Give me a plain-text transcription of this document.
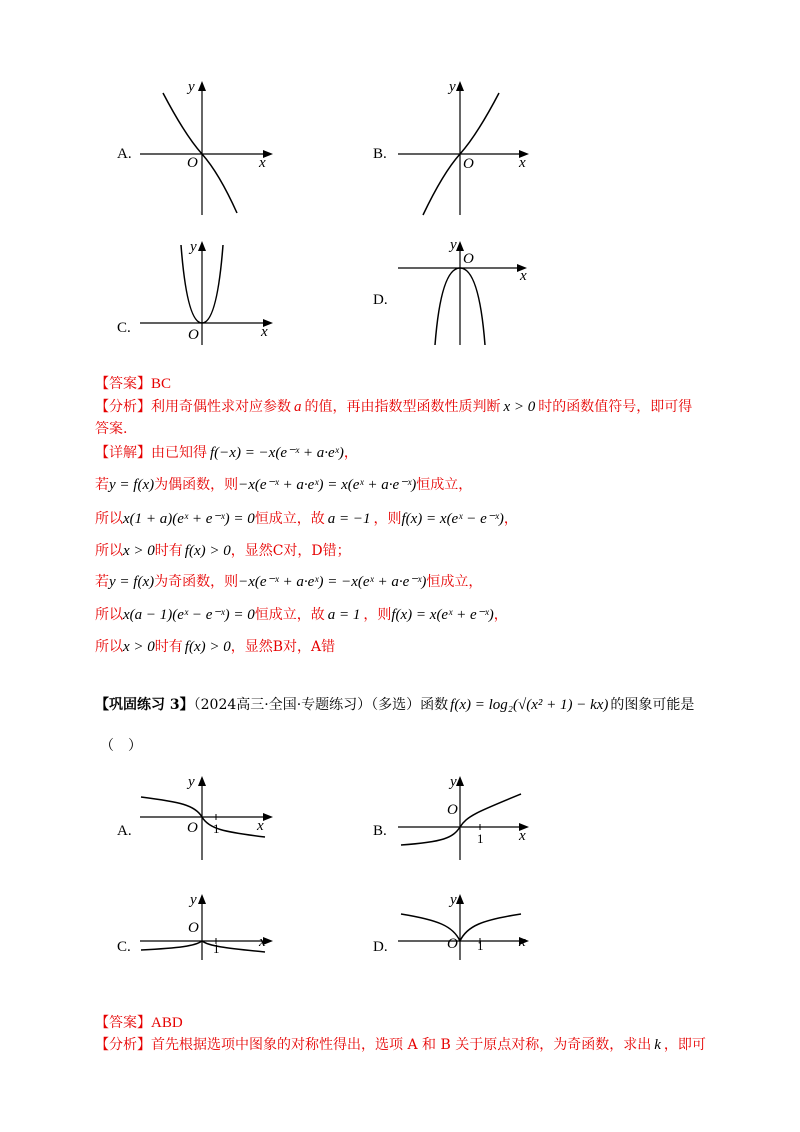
A.	B.
C.
D.
y
x
O
y
x
O
y
x
O
y
x
O
【答案】BC
【分析】利用奇偶性求对应参数 a 的值，再由指数型函数性质判断 x > 0 时的函数值符号，即可得
答案.
【详解】由已知得 f(−x) = −x(e⁻ˣ + a·eˣ)，
若y = f(x)为偶函数，则−x(e⁻ˣ + a·eˣ) = x(eˣ + a·e⁻ˣ)恒成立，
所以x(1 + a)(eˣ + e⁻ˣ) = 0恒成立，故 a = −1 ，则f(x) = x(eˣ − e⁻ˣ)，
所以x > 0时有 f(x) > 0，显然C对，D错；
若y = f(x)为奇函数，则−x(e⁻ˣ + a·eˣ) = −x(eˣ + a·e⁻ˣ)恒成立，
所以x(a − 1)(eˣ − e⁻ˣ) = 0恒成立，故 a = 1 ，则f(x) = x(eˣ + e⁻ˣ)，
所以x > 0时有 f(x) > 0，显然B对，A错
【巩固练习 3】（2024高三·全国·专题练习）（多选）函数 f(x) = log₂(√(x² + 1) − kx) 的图象可能是
（　）
A.	B.
C.	D.
y
x
O 1
y
x
O
1
y
x
O
1
y
x
O 1
【答案】ABD
【分析】首先根据选项中图象的对称性得出，选项 A 和 B 关于原点对称，为奇函数，求出 k ，即可
